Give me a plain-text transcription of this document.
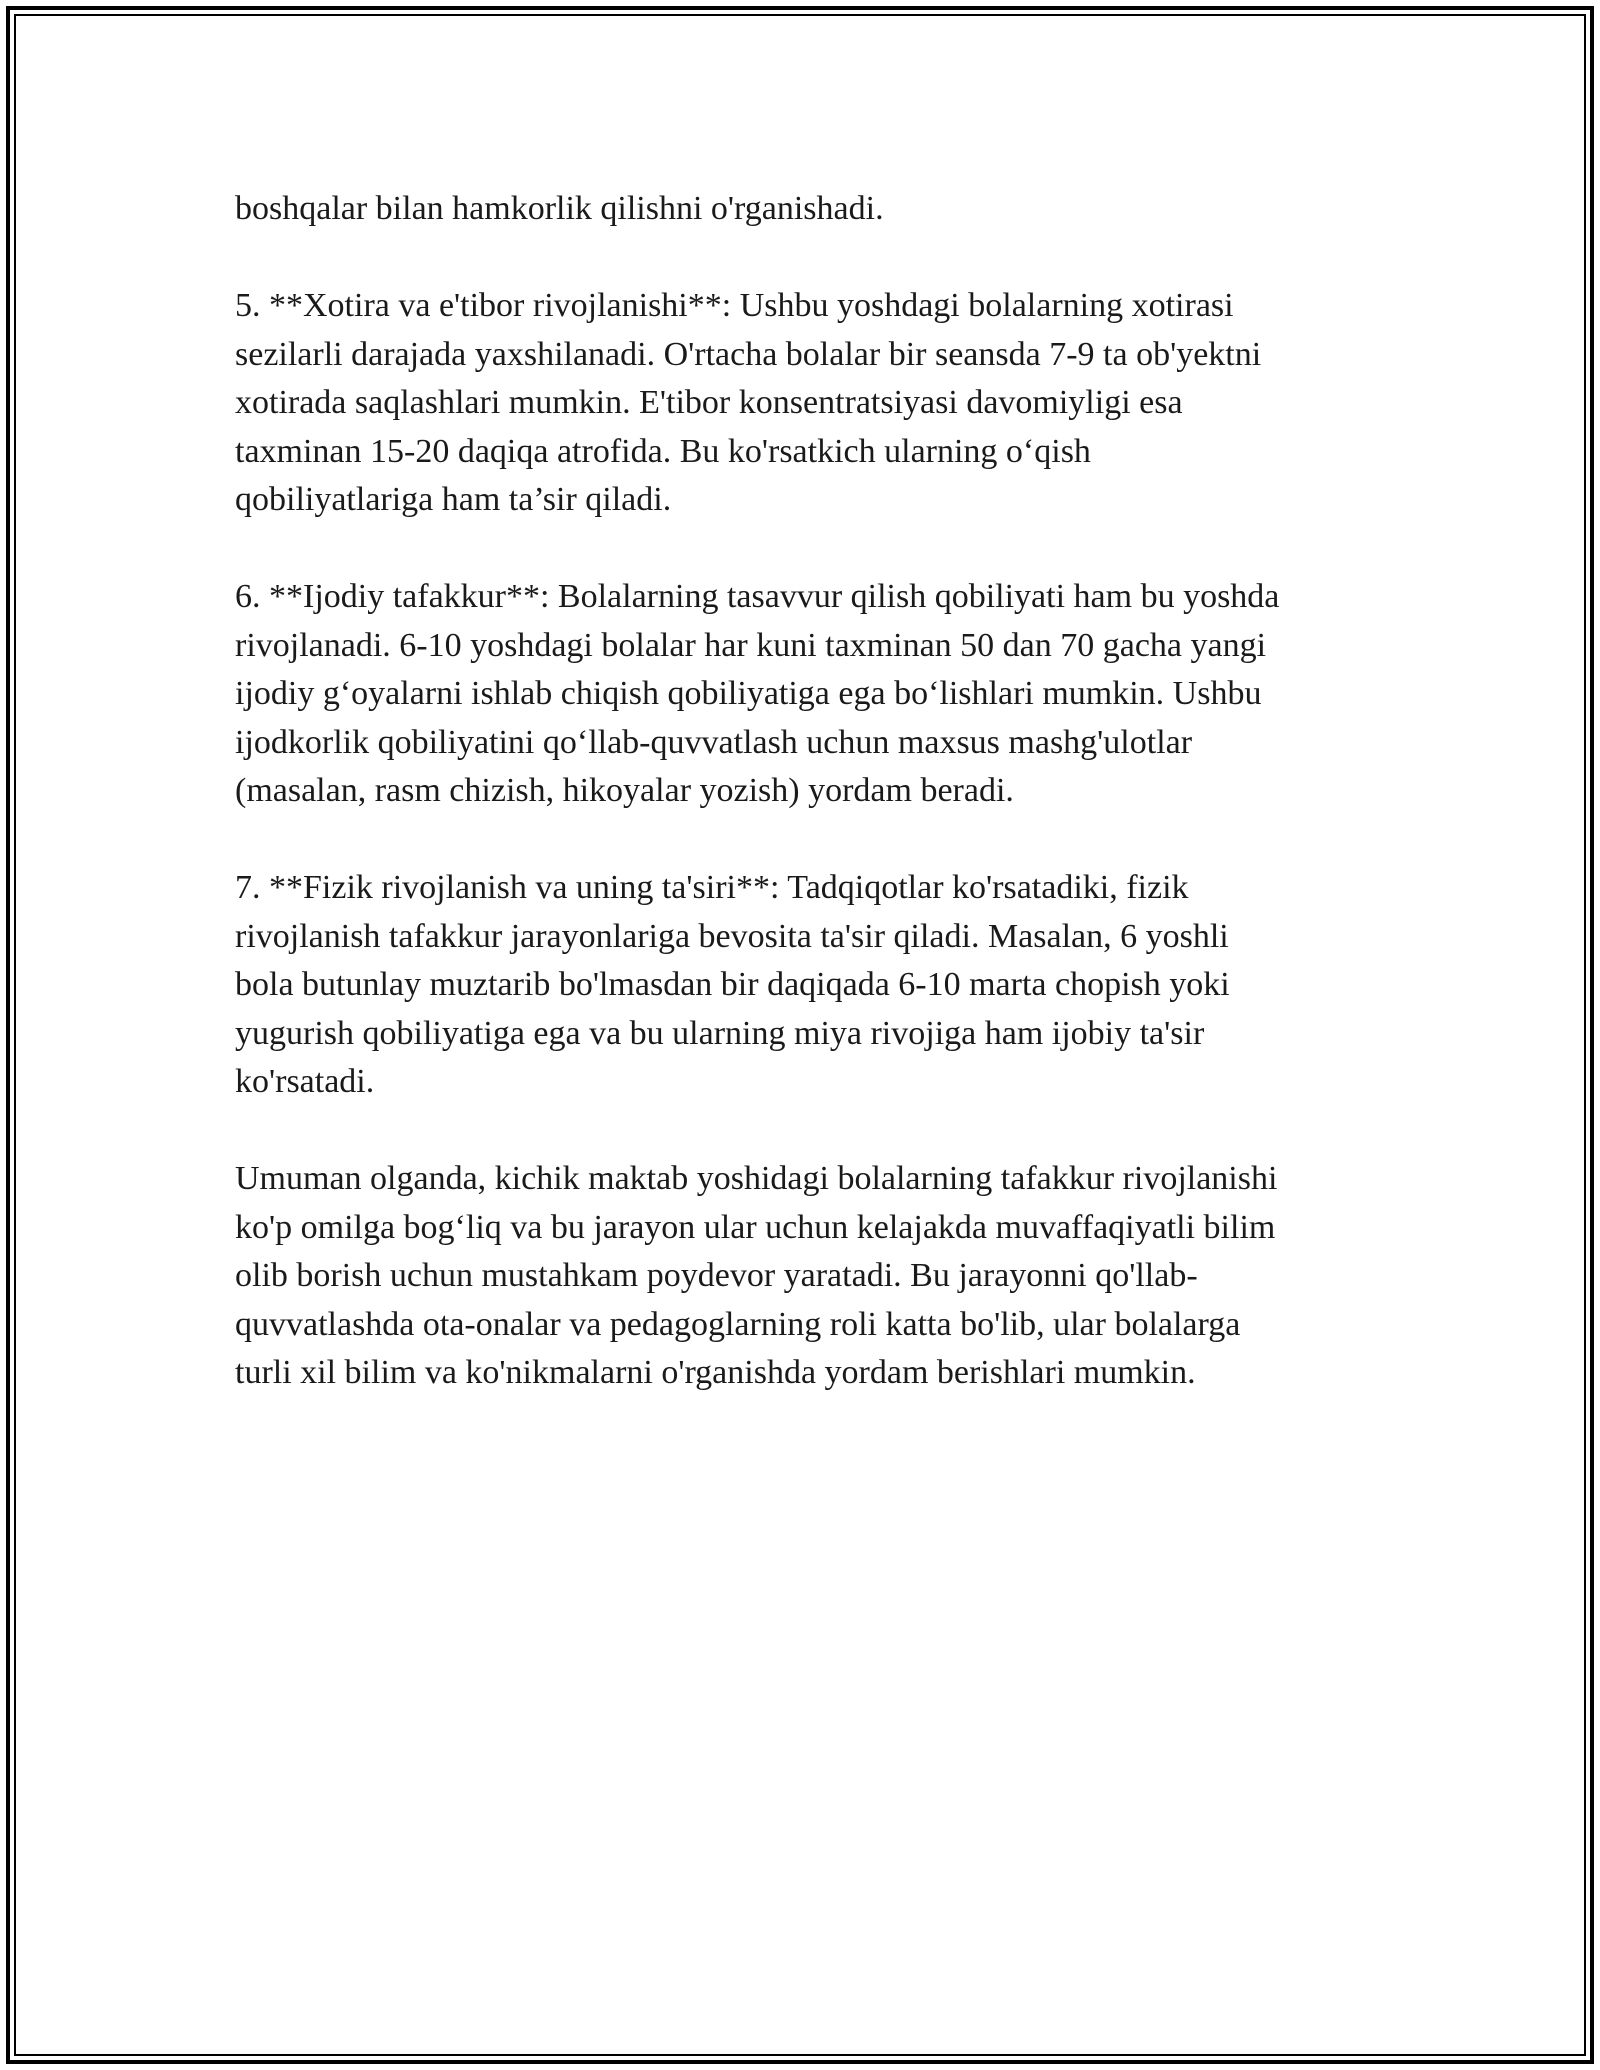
boshqalar bilan hamkorlik qilishni o'rganishadi.

5. **Xotira va e'tibor rivojlanishi**: Ushbu yoshdagi bolalarning xotirasi
sezilarli darajada yaxshilanadi. O'rtacha bolalar bir seansda 7-9 ta ob'yektni
xotirada saqlashlari mumkin. E'tibor konsentratsiyasi davomiyligi esa
taxminan 15-20 daqiqa atrofida. Bu ko'rsatkich ularning o‘qish
qobiliyatlariga ham ta’sir qiladi.

6. **Ijodiy tafakkur**: Bolalarning tasavvur qilish qobiliyati ham bu yoshda
rivojlanadi. 6-10 yoshdagi bolalar har kuni taxminan 50 dan 70 gacha yangi
ijodiy g‘oyalarni ishlab chiqish qobiliyatiga ega bo‘lishlari mumkin. Ushbu
ijodkorlik qobiliyatini qo‘llab-quvvatlash uchun maxsus mashg'ulotlar
(masalan, rasm chizish, hikoyalar yozish) yordam beradi.

7. **Fizik rivojlanish va uning ta'siri**: Tadqiqotlar ko'rsatadiki, fizik
rivojlanish tafakkur jarayonlariga bevosita ta'sir qiladi. Masalan, 6 yoshli
bola butunlay muztarib bo'lmasdan bir daqiqada 6-10 marta chopish yoki
yugurish qobiliyatiga ega va bu ularning miya rivojiga ham ijobiy ta'sir
ko'rsatadi.

Umuman olganda, kichik maktab yoshidagi bolalarning tafakkur rivojlanishi
ko'p omilga bog‘liq va bu jarayon ular uchun kelajakda muvaffaqiyatli bilim
olib borish uchun mustahkam poydevor yaratadi. Bu jarayonni qo'llab-
quvvatlashda ota-onalar va pedagoglarning roli katta bo'lib, ular bolalarga
turli xil bilim va ko'nikmalarni o'rganishda yordam berishlari mumkin.
